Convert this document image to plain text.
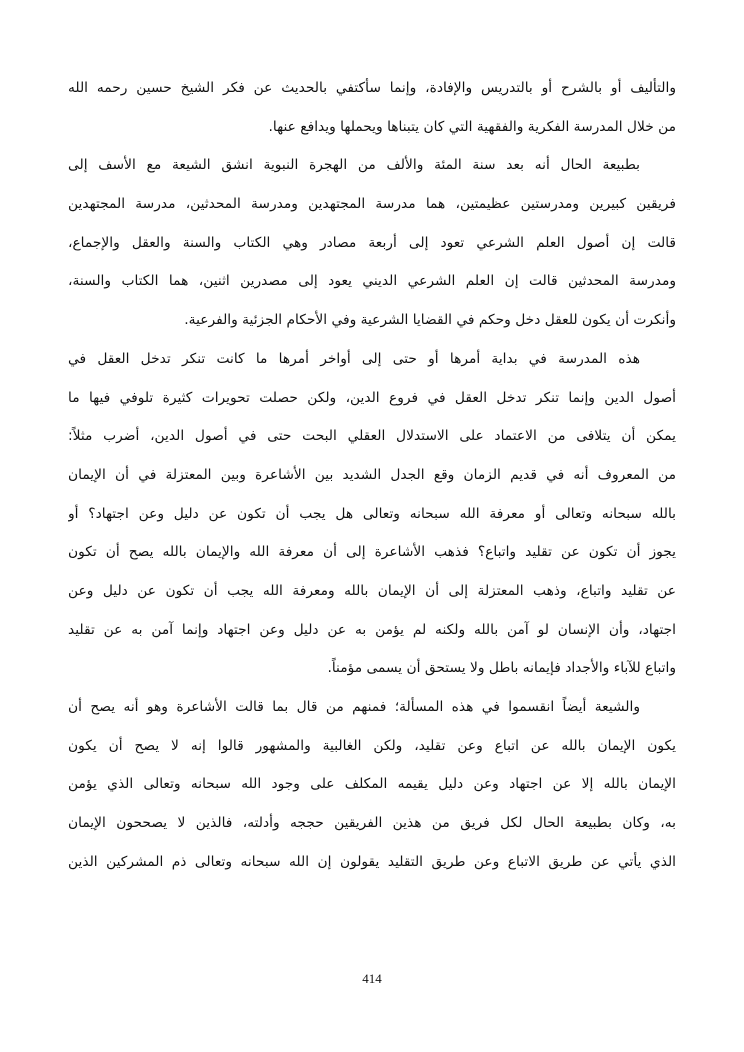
والتأليف أو بالشرح أو بالتدريس والإفادة، وإنما سأكتفي بالحديث عن فكر الشيخ حسين رحمه الله
من خلال المدرسة الفكرية والفقهية التي كان يتبناها ويحملها ويدافع عنها.
بطبيعة الحال أنه بعد سنة المئة والألف من الهجرة النبوية انشق الشيعة مع الأسف إلى
فريقين كبيرين ومدرستين عظيمتين، هما مدرسة المجتهدين ومدرسة المحدثين، مدرسة المجتهدين
قالت إن أصول العلم الشرعي تعود إلى أربعة مصادر وهي الكتاب والسنة والعقل والإجماع،
ومدرسة المحدثين قالت إن العلم الشرعي الديني يعود إلى مصدرين اثنين، هما الكتاب والسنة،
وأنكرت أن يكون للعقل دخل وحكم في القضايا الشرعية وفي الأحكام الجزئية والفرعية.
هذه المدرسة في بداية أمرها أو حتى إلى أواخر أمرها ما كانت تنكر تدخل العقل في
أصول الدين وإنما تنكر تدخل العقل في فروع الدين، ولكن حصلت تحويرات كثيرة تلوفي فيها ما
يمكن أن يتلافى من الاعتماد على الاستدلال العقلي البحت حتى في أصول الدين، أضرب مثلاً:
من المعروف أنه في قديم الزمان وقع الجدل الشديد بين الأشاعرة وبين المعتزلة في أن الإيمان
بالله سبحانه وتعالى أو معرفة الله سبحانه وتعالى هل يجب أن تكون عن دليل وعن اجتهاد؟ أو
يجوز أن تكون عن تقليد واتباع؟ فذهب الأشاعرة إلى أن معرفة الله والإيمان بالله يصح أن تكون
عن تقليد واتباع، وذهب المعتزلة إلى أن الإيمان بالله ومعرفة الله يجب أن تكون عن دليل وعن
اجتهاد، وأن الإنسان لو آمن بالله ولكنه لم يؤمن به عن دليل وعن اجتهاد وإنما آمن به عن تقليد
واتباع للآباء والأجداد فإيمانه باطل ولا يستحق أن يسمى مؤمناً.
والشيعة أيضاً انقسموا في هذه المسألة؛ فمنهم من قال بما قالت الأشاعرة وهو أنه يصح أن
يكون الإيمان بالله عن اتباع وعن تقليد، ولكن الغالبية والمشهور قالوا إنه لا يصح أن يكون
الإيمان بالله إلا عن اجتهاد وعن دليل يقيمه المكلف على وجود الله سبحانه وتعالى الذي يؤمن
به، وكان بطبيعة الحال لكل فريق من هذين الفريقين حججه وأدلته، فالذين لا يصححون الإيمان
الذي يأتي عن طريق الاتباع وعن طريق التقليد يقولون إن الله سبحانه وتعالى ذم المشركين الذين
414
